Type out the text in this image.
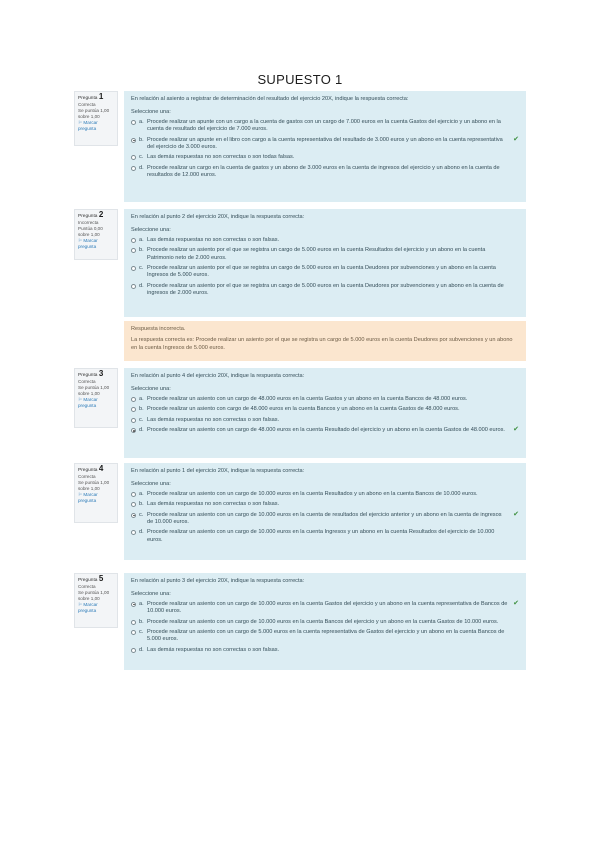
SUPUESTO 1
Pregunta 1
Correcta
Se puntúa 1,00 sobre 1,00
⚐ Marcar pregunta
En relación al asiento a registrar de determinación del resultado del ejercicio 20X, indique la respuesta correcta:
Seleccione una:
a. Procede realizar un apunte con un cargo a la cuenta de gastos con un cargo de 7.000 euros en la cuenta Gastos del ejercicio y un abono en la cuenta de resultado del ejercicio de 7.000 euros.
b. Procede realizar un apunte en el libro con cargo a la cuenta representativa del resultado de 3.000 euros y un abono en la cuenta representativa del ejercicio de 3.000 euros.
✔
c. Las demás respuestas no son correctas o son todas falsas.
d. Procede realizar un cargo en la cuenta de gastos y un abono de 3.000 euros en la cuenta de ingresos del ejercicio y un abono en la cuenta de resultados de 12.000 euros.
Pregunta 2
Incorrecta
Puntúa 0,00 sobre 1,00
⚐ Marcar pregunta
En relación al punto 2 del ejercicio 20X, indique la respuesta correcta:
Seleccione una:
a. Las demás respuestas no son correctas o son falsas.
b. Procede realizar un asiento por el que se registra un cargo de 5.000 euros en la cuenta Resultados del ejercicio y un abono en la cuenta Patrimonio neto de 2.000 euros.
c. Procede realizar un asiento por el que se registra un cargo de 5.000 euros en la cuenta Deudores por subvenciones y un abono en la cuenta Ingresos de 5.000 euros.
d. Procede realizar un asiento por el que se registra un cargo de 5.000 euros en la cuenta Deudores por subvenciones y un abono en la cuenta de ingresos de 2.000 euros.
Respuesta incorrecta.
La respuesta correcta es: Procede realizar un asiento por el que se registra un cargo de 5.000 euros en la cuenta Deudores por subvenciones y un abono en la cuenta Ingresos de 5.000 euros.
Pregunta 3
Correcta
Se puntúa 1,00 sobre 1,00
⚐ Marcar pregunta
En relación al punto 4 del ejercicio 20X, indique la respuesta correcta:
Seleccione una:
a. Procede realizar un asiento con un cargo de 48.000 euros en la cuenta Gastos y un abono en la cuenta Bancos de 48.000 euros.
b. Procede realizar un asiento con cargo de 48.000 euros en la cuenta Bancos y un abono en la cuenta Gastos de 48.000 euros.
c. Las demás respuestas no son correctas o son falsas.
d. Procede realizar un asiento con un cargo de 48.000 euros en la cuenta Resultado del ejercicio y un abono en la cuenta Gastos de 48.000 euros.	✔
Pregunta 4
Correcta
Se puntúa 1,00 sobre 1,00
⚐ Marcar pregunta
En relación al punto 1 del ejercicio 20X, indique la respuesta correcta:
Seleccione una:
a. Procede realizar un asiento con un cargo de 10.000 euros en la cuenta Resultados y un abono en la cuenta Bancos de 10.000 euros.
b. Las demás respuestas no son correctas o son falsas.
c. Procede realizar un asiento con un cargo de 10.000 euros en la cuenta de resultados del ejercicio anterior y un abono en la cuenta de ingresos de 10.000 euros.
✔
d. Procede realizar un asiento con un cargo de 10.000 euros en la cuenta Ingresos y un abono en la cuenta Resultados del ejercicio de 10.000 euros.
Pregunta 5
Correcta
Se puntúa 1,00 sobre 1,00
⚐ Marcar pregunta
En relación al punto 3 del ejercicio 20X, indique la respuesta correcta:
Seleccione una:
a. Procede realizar un asiento con un cargo de 10.000 euros en la cuenta Gastos del ejercicio y un abono en la cuenta representativa de Bancos de 10.000 euros.
✔
b. Procede realizar un asiento con un cargo de 10.000 euros en la cuenta Bancos del ejercicio y un abono en la cuenta Gastos de 10.000 euros.
c. Procede realizar un asiento con un cargo de 5.000 euros en la cuenta representativa de Gastos del ejercicio y un abono en la cuenta Bancos de 5.000 euros.
d. Las demás respuestas no son correctas o son falsas.
